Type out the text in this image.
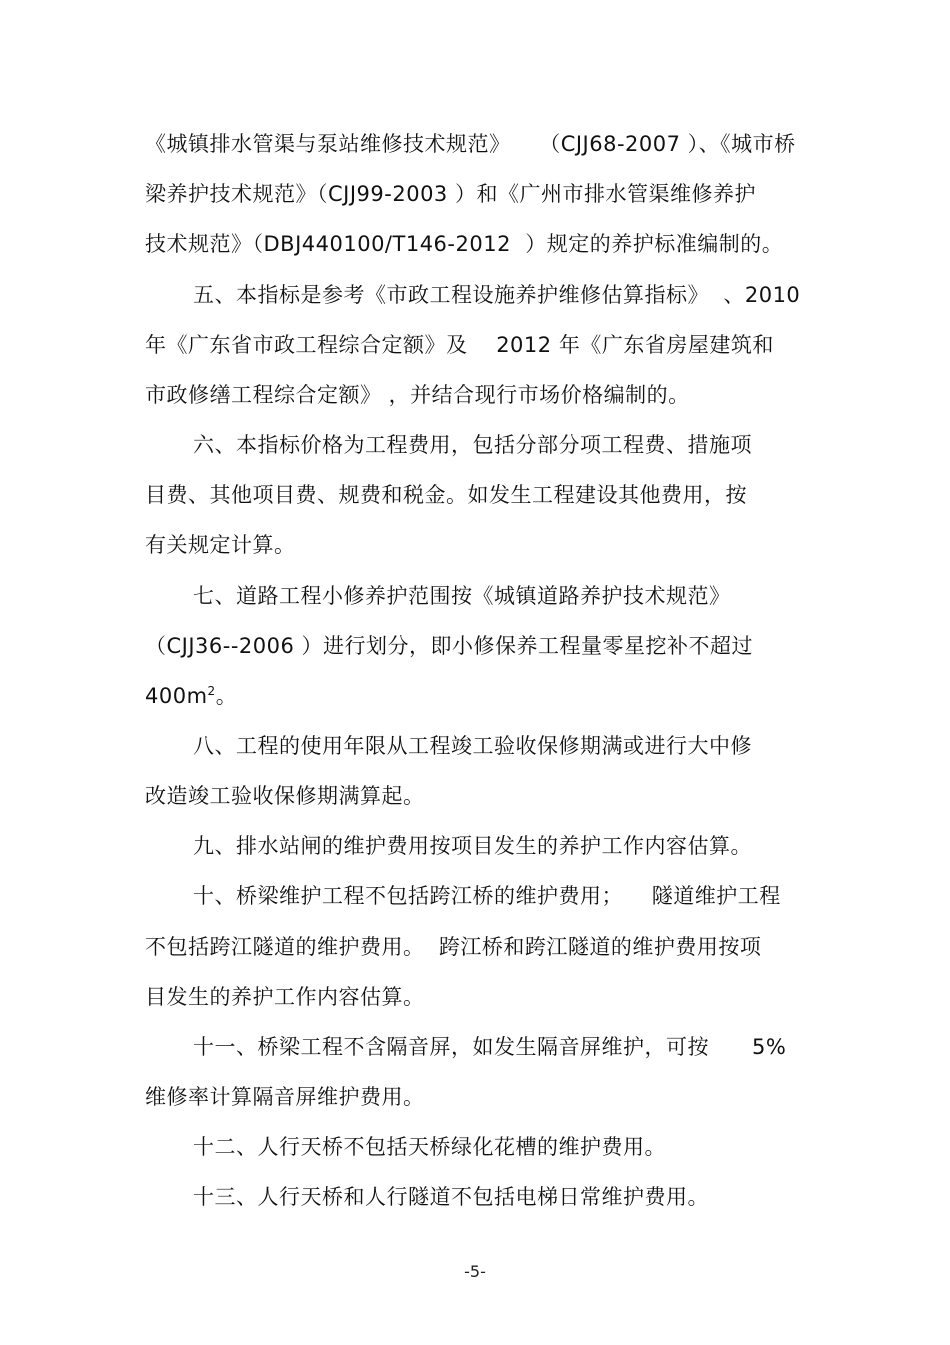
《城镇排水管渠与泵站维修技术规范》    （CJJ68-2007 ）、《城市桥
梁养护技术规范》（CJJ99-2003 ）和《广州市排水管渠维修养护
技术规范》（DBJ440100/T146-2012  ）规定的养护标准编制的。
五、本指标是参考《市政工程设施养护维修估算指标》  、2010
年《广东省市政工程综合定额》及    2012 年《广东省房屋建筑和
市政修缮工程综合定额》 ，并结合现行市场价格编制的。
六、本指标价格为工程费用，包括分部分项工程费、措施项
目费、其他项目费、规费和税金。如发生工程建设其他费用，按
有关规定计算。
七、道路工程小修养护范围按《城镇道路养护技术规范》
（CJJ36--2006 ）进行划分，即小修保养工程量零星挖补不超过
$400m^2$。
八、工程的使用年限从工程竣工验收保修期满或进行大中修
改造竣工验收保修期满算起。
九、排水站闸的维护费用按项目发生的养护工作内容估算。
十、桥梁维护工程不包括跨江桥的维护费用；    隧道维护工程
不包括跨江隧道的维护费用。  跨江桥和跨江隧道的维护费用按项
目发生的养护工作内容估算。
十一、桥梁工程不含隔音屏，如发生隔音屏维护，可按      5%
维修率计算隔音屏维护费用。
十二、人行天桥不包括天桥绿化花槽的维护费用。
十三、人行天桥和人行隧道不包括电梯日常维护费用。
-5-
